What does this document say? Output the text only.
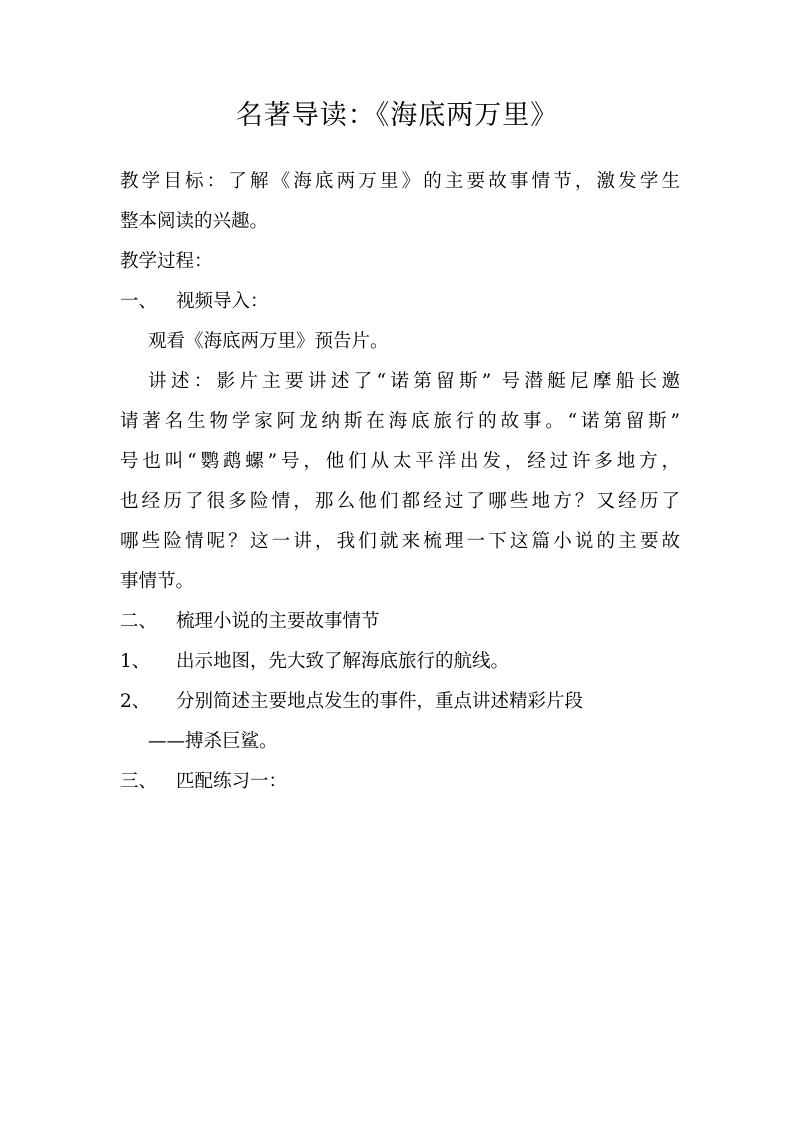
名著导读：《海底两万里》
教学目标：了解《海底两万里》的主要故事情节，激发学生
整本阅读的兴趣。
教学过程：
一、	视频导入：
观看《海底两万里》预告片。
讲述：影片主要讲述了“诺第留斯” 号潜艇尼摩船长邀
请著名生物学家阿龙纳斯在海底旅行的故事。“诺第留斯”
号也叫“鹦鹉螺”号，他们从太平洋出发，经过许多地方，
也经历了很多险情，那么他们都经过了哪些地方？又经历了
哪些险情呢？这一讲，我们就来梳理一下这篇小说的主要故
事情节。
二、	梳理小说的主要故事情节
1、	出示地图，先大致了解海底旅行的航线。
2、	分别简述主要地点发生的事件，重点讲述精彩片段
——搏杀巨鲨。
三、	匹配练习一：
